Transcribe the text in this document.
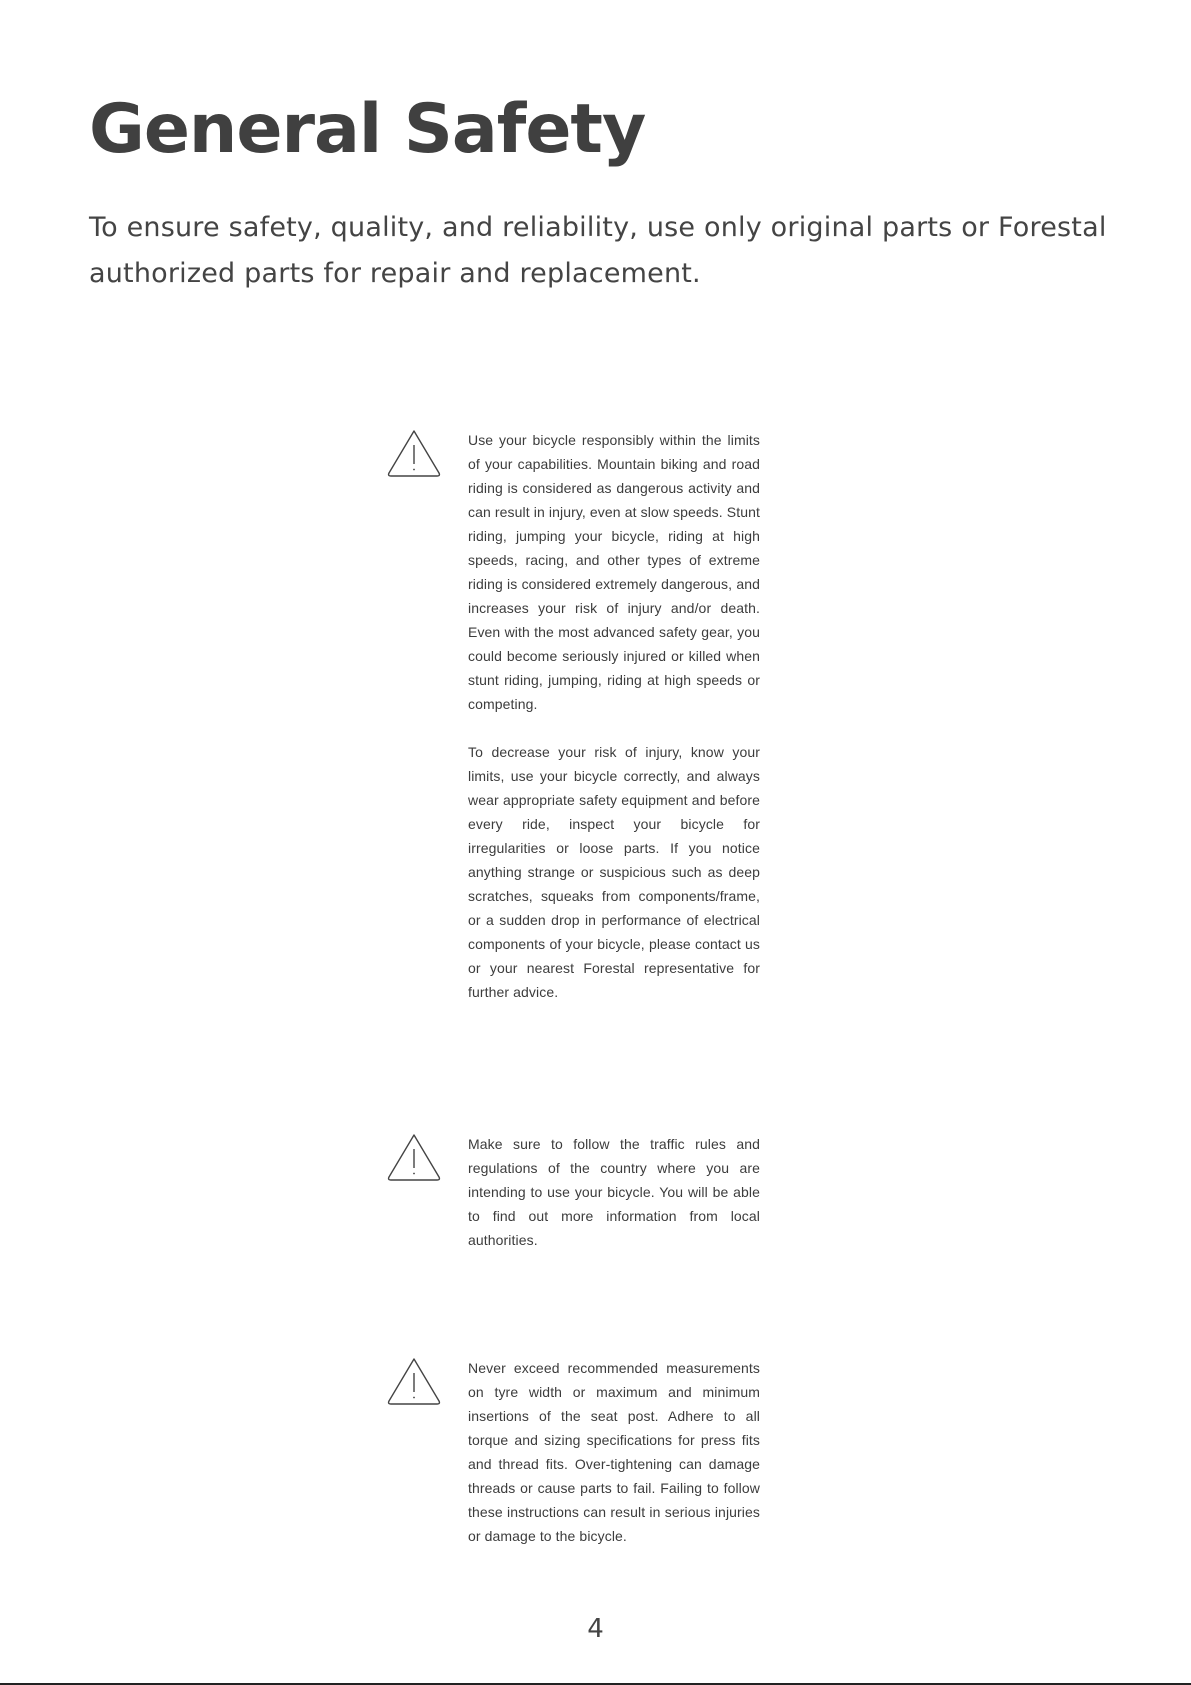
General Safety

To ensure safety, quality, and reliability, use only original parts or Forestal authorized parts for repair and replacement.

Use your bicycle responsibly within the limits of your capabilities. Mountain biking and road riding is considered as dangerous activity and can result in injury, even at slow speeds. Stunt riding, jumping your bicycle, riding at high speeds, racing, and other types of extreme riding is considered extremely dangerous, and increases your risk of injury and/or death. Even with the most advanced safety gear, you could become seriously injured or killed when stunt riding, jumping, riding at high speeds or competing.

To decrease your risk of injury, know your limits, use your bicycle correctly, and always wear appropriate safety equipment and before every ride, inspect your bicycle for irregularities or loose parts. If you notice anything strange or suspicious such as deep scratches, squeaks from components/frame, or a sudden drop in performance of electrical components of your bicycle, please contact us or your nearest Forestal representative for further advice.

Make sure to follow the traffic rules and regulations of the country where you are intending to use your bicycle. You will be able to find out more information from local authorities.

Never exceed recommended measurements on tyre width or maximum and minimum insertions of the seat post. Adhere to all torque and sizing specifications for press fits and thread fits. Over-tightening can damage threads or cause parts to fail. Failing to follow these instructions can result in serious injuries or damage to the bicycle.

4
